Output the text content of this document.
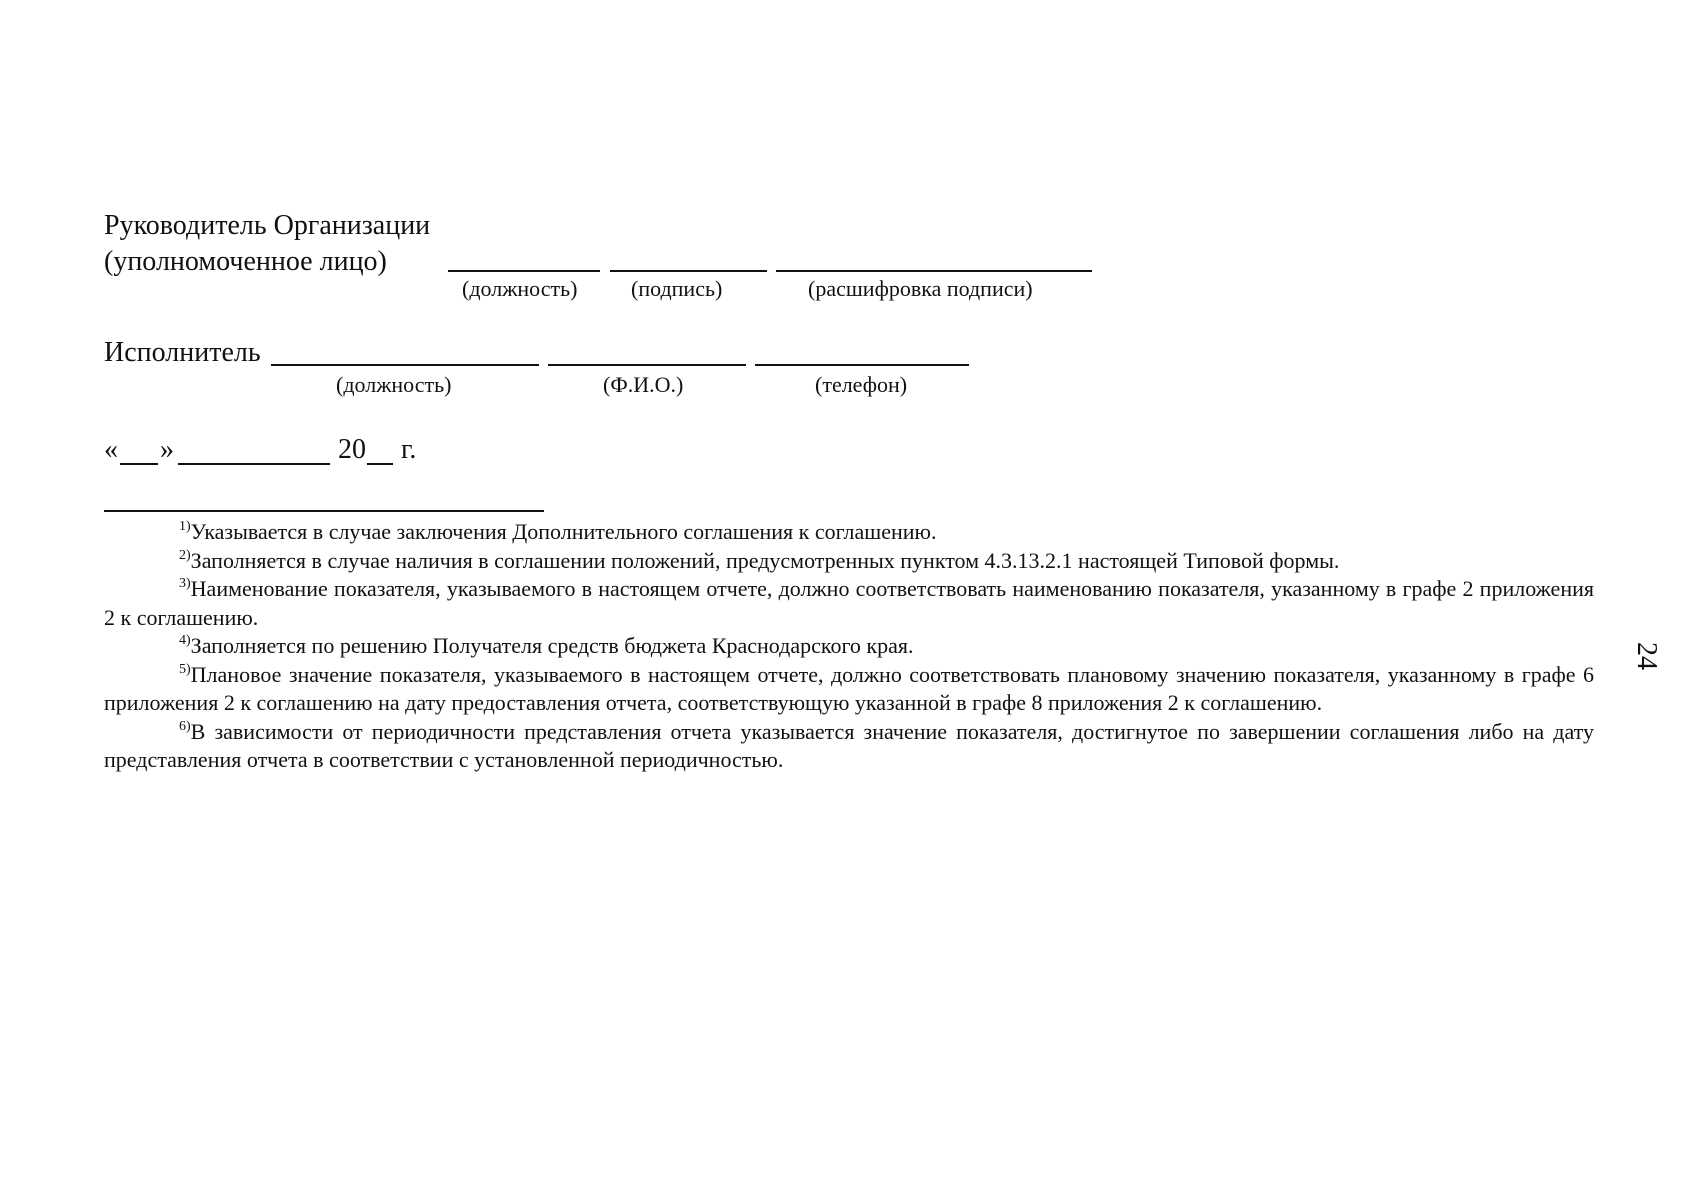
Руководитель Организации
(уполномоченное лицо)
(должность) (подпись)	(расшифровка подписи)
Исполнитель
(должность)	(Ф.И.О.)	(телефон)
« »	20 г.

$^{1)}$Указывается в случае заключения Дополнительного соглашения к соглашению.

$^{2)}$Заполняется в случае наличия в соглашении положений, предусмотренных пунктом 4.3.13.2.1 настоящей Типовой формы.

$^{3)}$Наименование показателя, указываемого в настоящем отчете, должно соответствовать наименованию показателя, указанному в графе 2 приложения 2 к соглашению.

$^{4)}$Заполняется по решению Получателя средств бюджета Краснодарского края.

$^{5)}$Плановое значение показателя, указываемого в настоящем отчете, должно соответствовать плановому значению показателя, указанному в графе 6 приложения 2 к соглашению на дату предоставления отчета, соответствующую указанной в графе 8 приложения 2 к соглашению.

$^{6)}$В зависимости от периодичности представления отчета указывается значение показателя, достигнутое по завершении соглашения либо на дату представления отчета в соответствии с установленной периодичностью.

24
